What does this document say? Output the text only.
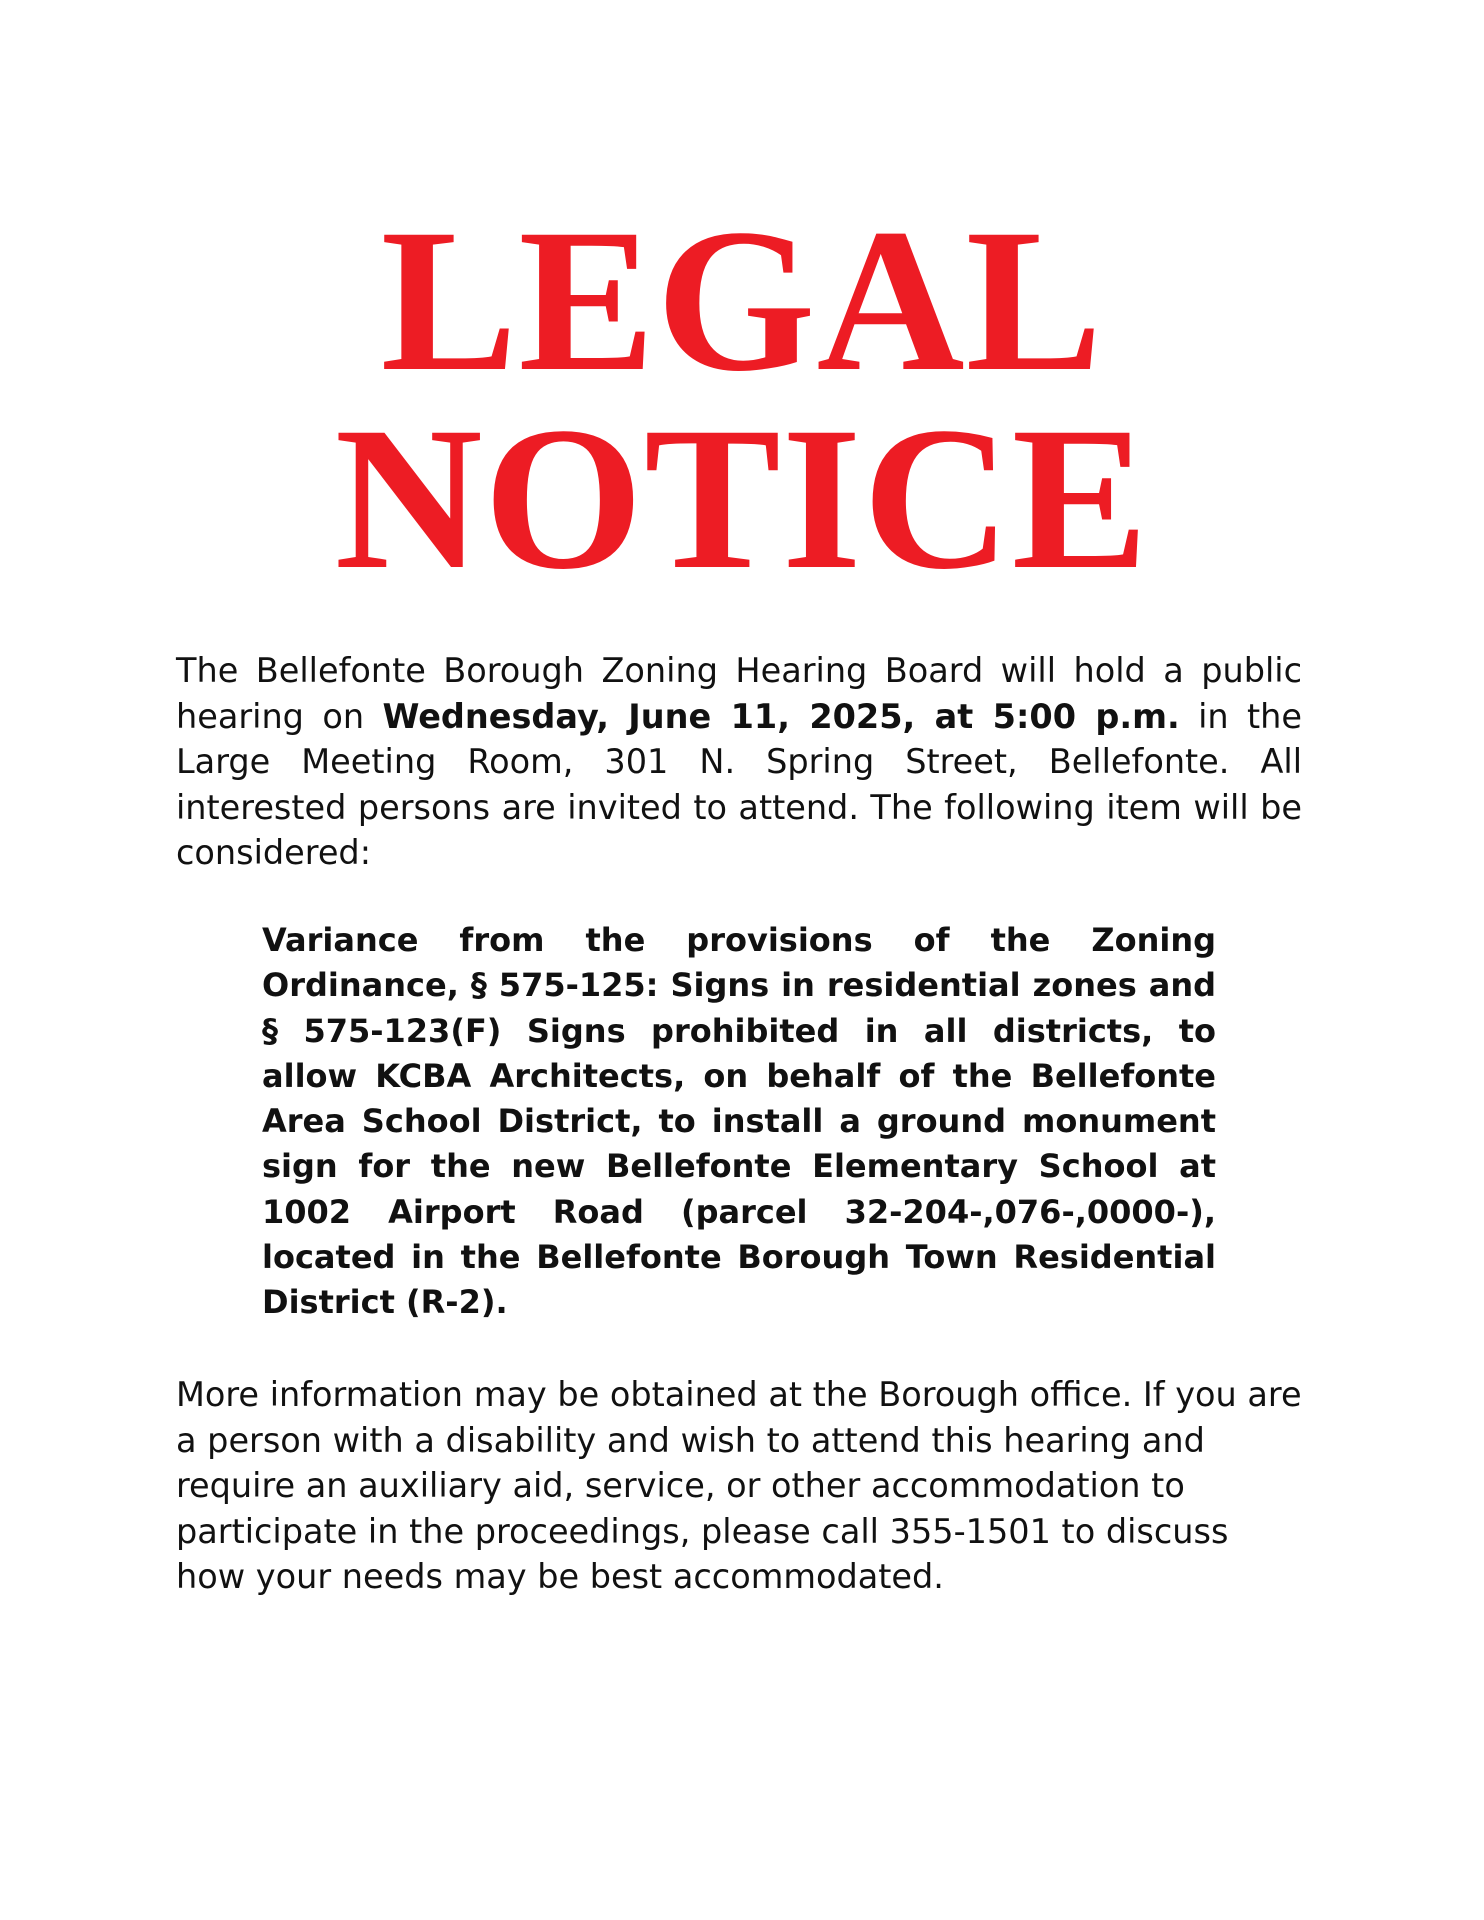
LEGAL
NOTICE

The Bellefonte Borough Zoning Hearing Board will hold a public hearing on Wednesday, June 11, 2025, at 5:00 p.m. in the Large Meeting Room, 301 N. Spring Street, Bellefonte. All interested persons are invited to attend. The following item will be considered:

Variance from the provisions of the Zoning Ordinance, § 575-125: Signs in residential zones and § 575-123(F) Signs prohibited in all districts, to allow KCBA Architects, on behalf of the Bellefonte Area School District, to install a ground monument sign for the new Bellefonte Elementary School at 1002 Airport Road (parcel 32-204-,076-,0000-), located in the Bellefonte Borough Town Residential District (R-2).

More information may be obtained at the Borough office. If you are a person with a disability and wish to attend this hearing and require an auxiliary aid, service, or other accommodation to participate in the proceedings, please call 355-1501 to discuss how your needs may be best accommodated.
